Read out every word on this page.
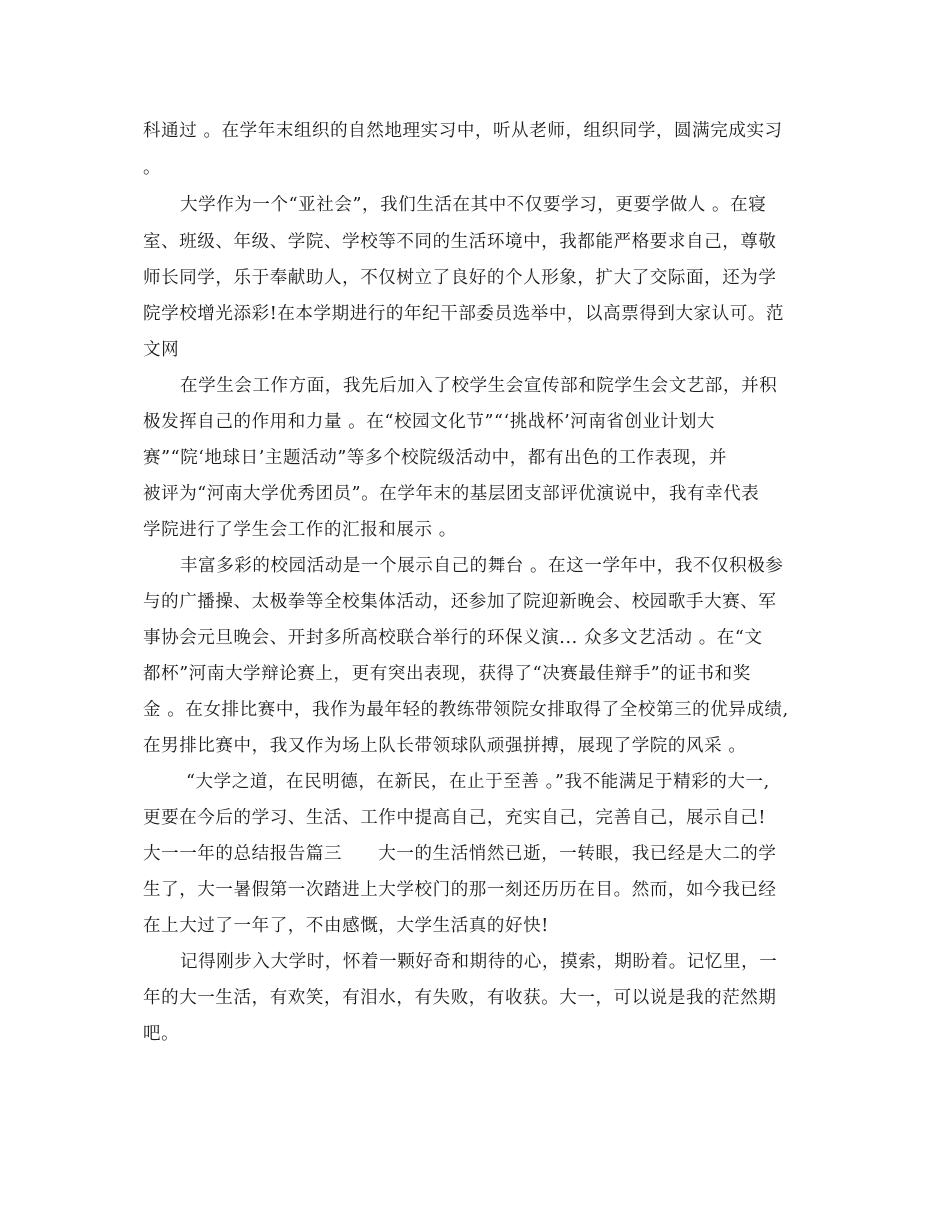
科通过 。在学年末组织的自然地理实习中，听从老师，组织同学，圆满完成实习
。
大学作为一个“亚社会”，我们生活在其中不仅要学习，更要学做人 。在寝
室、班级、年级、学院、学校等不同的生活环境中，我都能严格要求自己，尊敬
师长同学，乐于奉献助人，不仅树立了良好的个人形象，扩大了交际面，还为学
院学校增光添彩!在本学期进行的年纪干部委员选举中，以高票得到大家认可。范
文网
在学生会工作方面，我先后加入了校学生会宣传部和院学生会文艺部，并积
极发挥自己的作用和力量 。在“校园文化节”“‘挑战杯’河南省创业计划大
赛”“院‘地球日’主题活动”等多个校院级活动中，都有出色的工作表现，并
被评为“河南大学优秀团员”。在学年末的基层团支部评优演说中，我有幸代表
学院进行了学生会工作的汇报和展示 。
丰富多彩的校园活动是一个展示自己的舞台 。在这一学年中，我不仅积极参
与的广播操、太极拳等全校集体活动，还参加了院迎新晚会、校园歌手大赛、军
事协会元旦晚会、开封多所高校联合举行的环保义演... 众多文艺活动 。在“文
都杯”河南大学辩论赛上，更有突出表现，获得了“决赛最佳辩手”的证书和奖
金 。在女排比赛中，我作为最年轻的教练带领院女排取得了全校第三的优异成绩,
在男排比赛中，我又作为场上队长带领球队顽强拼搏，展现了学院的风采 。
“大学之道，在民明德，在新民，在止于至善 。”我不能满足于精彩的大一,
更要在今后的学习、生活、工作中提高自己，充实自己，完善自己，展示自己!
大一一年的总结报告篇三　　大一的生活悄然已逝，一转眼，我已经是大二的学
生了，大一暑假第一次踏进上大学校门的那一刻还历历在目。然而，如今我已经
在上大过了一年了，不由感慨，大学生活真的好快!
记得刚步入大学时，怀着一颗好奇和期待的心，摸索，期盼着。记忆里，一
年的大一生活，有欢笑，有泪水，有失败，有收获。大一，可以说是我的茫然期
吧。
